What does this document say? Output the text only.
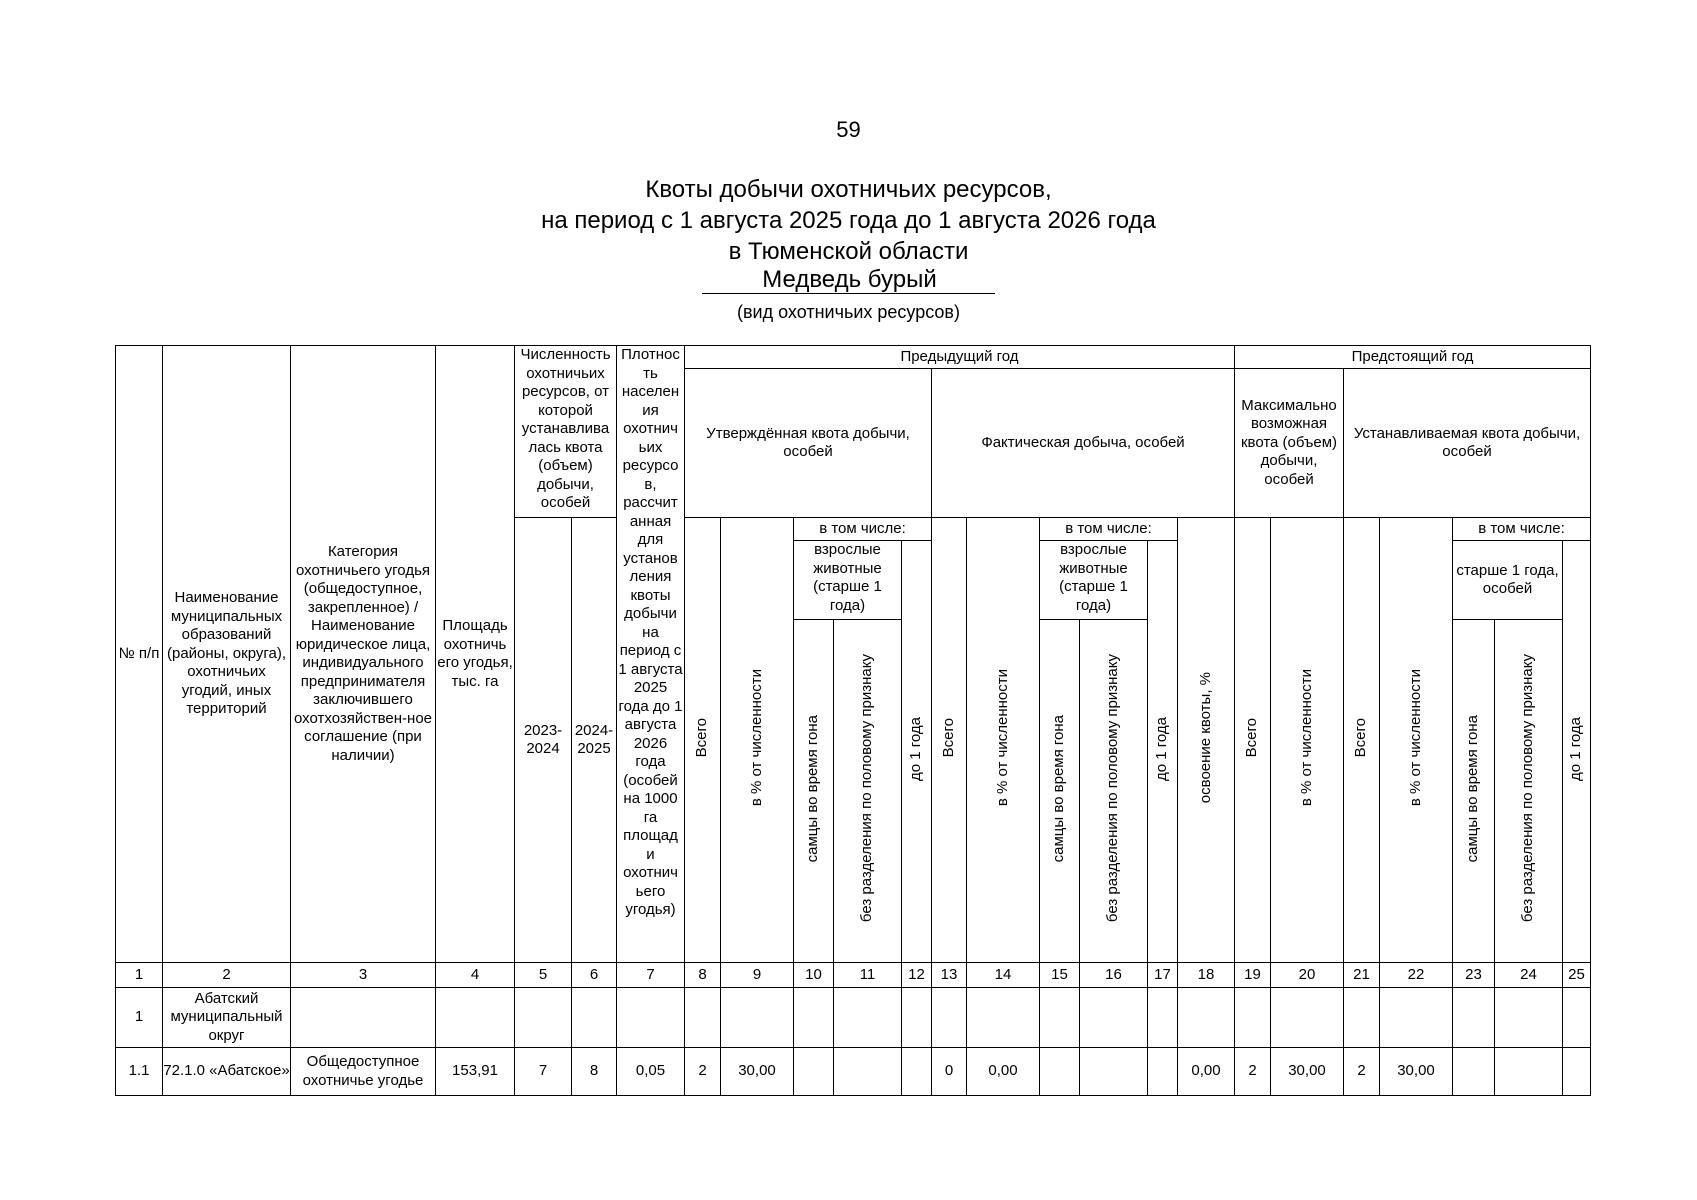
59
Квоты добычи охотничьих ресурсов,
на период с 1 августа 2025 года до 1 августа 2026 года
в Тюменской области
Медведь бурый
(вид охотничьих ресурсов)
№ п/п	Наименование муниципальных образований (районы, округа), охотничьих угодий, иных территорий	Категория охотничьего угодья (общедоступное, закрепленное) / Наименование юридическое лица, индивидуального предпринимателя заключившего охотхозяйствен-ное соглашение (при наличии)	Площадь охотничь его угодья, тыс. га	Численность охотничьих ресурсов, от которой устанавлива лась квота (объем) добычи, особей		Плотнос ть населен ия охотнич ьих ресурсо в, рассчит анная для установ ления квоты добычи на период с 1 августа 2025 года до 1 августа 2026 года (особей на 1000 га площад и охотнич ьего угодья)	Предыдущий год											Предстоящий год						
							Утверждённая квота добычи, особей					Фактическая добыча, особей						Максимально возможная квота (объем) добычи, особей		Устанавливаемая квота добычи, особей				
				2023-2024	2024-2025		Всего	в % от численности	в том числе:			Всего	в % от численности	в том числе:			освоение квоты, %	Всего	в % от численности	Всего	в % от численности	в том числе:		
									взрослые животные (старше 1 года)		до 1 года			взрослые животные (старше 1 года)		до 1 года						старше 1 года, особей		до 1 года
									самцы во время гона	без разделения по половому признаку				самцы во время гона	без разделения по половому признаку							самцы во время гона	без разделения по половому признаку	
1	2	3	4	5	6	7	8	9	10	11	12	13	14	15	16	17	18	19	20	21	22	23	24	25
1	Абатский муниципальный округ																							
1.1	72.1.0 «Абатское»	Общедоступное охотничье угодье	153,91	7	8	0,05	2	30,00				0	0,00				0,00	2	30,00	2	30,00			
